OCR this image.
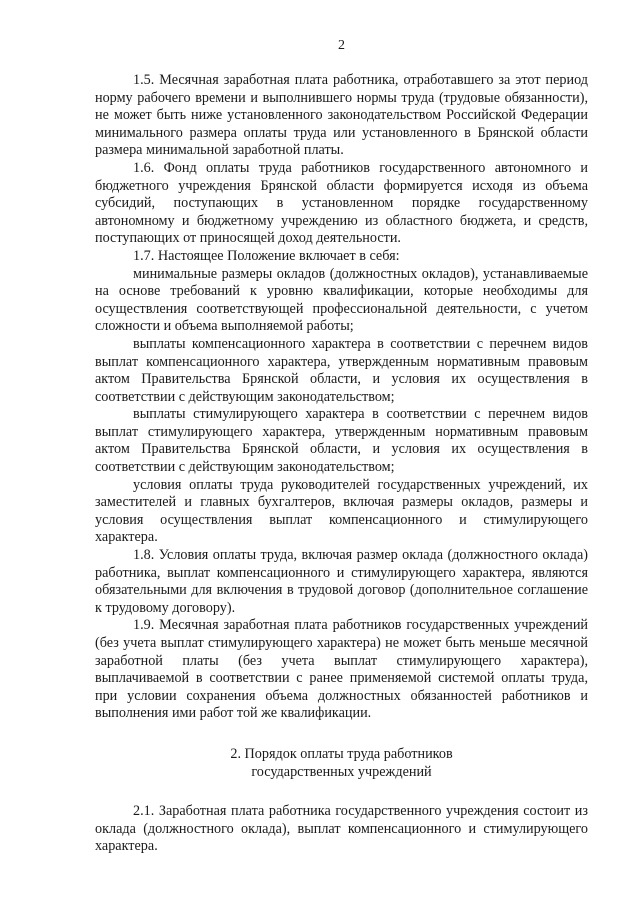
2

1.5. Месячная заработная плата работника, отработавшего за этот период норму рабочего времени и выполнившего нормы труда (трудовые обязанности), не может быть ниже установленного законодательством Российской Федерации минимального размера оплаты труда или установленного в Брянской области размера минимальной заработной платы.

1.6. Фонд оплаты труда работников государственного автономного и бюджетного учреждения Брянской области формируется исходя из объема субсидий, поступающих в установленном порядке государственному автономному и бюджетному учреждению из областного бюджета, и средств, поступающих от приносящей доход деятельности.

1.7. Настоящее Положение включает в себя:

минимальные размеры окладов (должностных окладов), устанавливаемые на основе требований к уровню квалификации, которые необходимы для осуществления соответствующей профессиональной деятельности, с учетом сложности и объема выполняемой работы;

выплаты компенсационного характера в соответствии с перечнем видов выплат компенсационного характера, утвержденным нормативным правовым актом Правительства Брянской области, и условия их осуществления в соответствии с действующим законодательством;

выплаты стимулирующего характера в соответствии с перечнем видов выплат стимулирующего характера, утвержденным нормативным правовым актом Правительства Брянской области, и условия их осуществления в соответствии с действующим законодательством;

условия оплаты труда руководителей государственных учреждений, их заместителей и главных бухгалтеров, включая размеры окладов, размеры и условия осуществления выплат компенсационного и стимулирующего характера.

1.8. Условия оплаты труда, включая размер оклада (должностного оклада) работника, выплат компенсационного и стимулирующего характера, являются обязательными для включения в трудовой договор (дополнительное соглашение к трудовому договору).

1.9. Месячная заработная плата работников государственных учреждений (без учета выплат стимулирующего характера) не может быть меньше месячной заработной платы (без учета выплат стимулирующего характера), выплачиваемой в соответствии с ранее применяемой системой оплаты труда, при условии сохранения объема должностных обязанностей работников и выполнения ими работ той же квалификации.

2. Порядок оплаты труда работников
государственных учреждений

2.1. Заработная плата работника государственного учреждения состоит из оклада (должностного оклада), выплат компенсационного и стимулирующего характера.
